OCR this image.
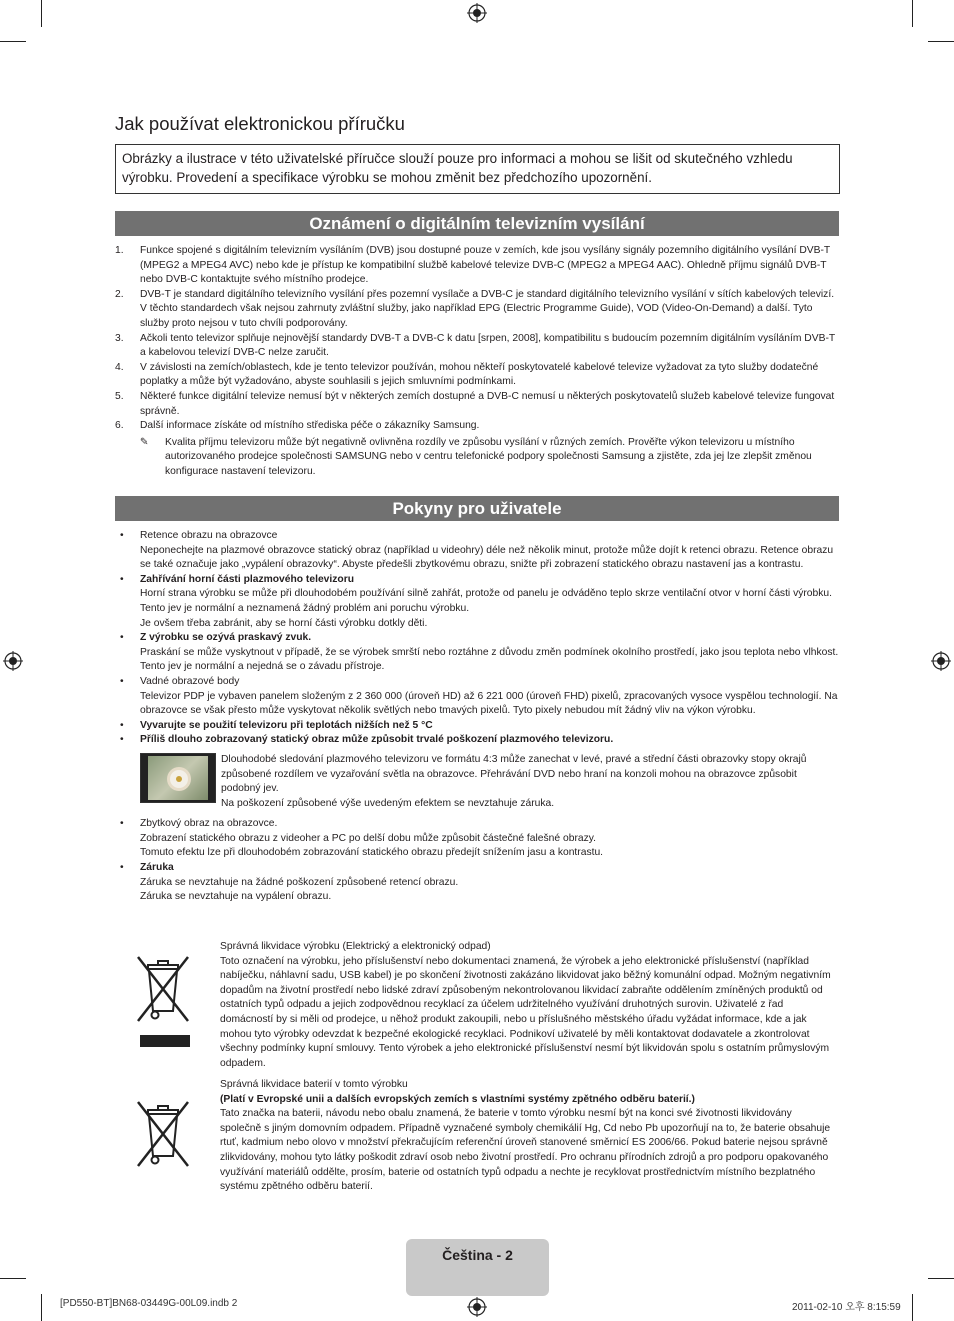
Jak používat elektronickou příručku
Obrázky a ilustrace v této uživatelské příručce slouží pouze pro informaci a mohou se lišit od skutečného vzhledu výrobku. Provedení a specifikace výrobku se mohou změnit bez předchozího upozornění.
Oznámení o digitálním televizním vysílání
1.	Funkce spojené s digitálním televizním vysíláním (DVB) jsou dostupné pouze v zemích, kde jsou vysílány signály pozemního digitálního vysílání DVB-T (MPEG2 a MPEG4 AVC) nebo kde je přístup ke kompatibilní službě kabelové televize DVB-C (MPEG2 a MPEG4 AAC). Ohledně příjmu signálů DVB-T nebo DVB-C kontaktujte svého místního prodejce.
2.	DVB-T je standard digitálního televizního vysílání přes pozemní vysílače a DVB-C je standard digitálního televizního vysílání v sítích kabelových televizí. V těchto standardech však nejsou zahrnuty zvláštní služby, jako například EPG (Electric Programme Guide), VOD (Video-On-Demand) a další. Tyto služby proto nejsou v tuto chvíli podporovány.
3.	Ačkoli tento televizor splňuje nejnovější standardy DVB-T a DVB-C k datu [srpen, 2008], kompatibilitu s budoucím pozemním digitálním vysíláním DVB-T a kabelovou televizí DVB-C nelze zaručit.
4.	V závislosti na zemích/oblastech, kde je tento televizor používán, mohou někteří poskytovatelé kabelové televize vyžadovat za tyto služby dodatečné poplatky a může být vyžadováno, abyste souhlasili s jejich smluvními podmínkami.
5.	Některé funkce digitální televize nemusí být v některých zemích dostupné a DVB-C nemusí u některých poskytovatelů služeb kabelové televize fungovat správně.
6.	Další informace získáte od místního střediska péče o zákazníky Samsung.
✎	Kvalita příjmu televizoru může být negativně ovlivněna rozdíly ve způsobu vysílání v různých zemích. Prověřte výkon televizoru u místního autorizovaného prodejce společnosti SAMSUNG nebo v centru telefonické podpory společnosti Samsung a zjistěte, zda jej lze zlepšit změnou konfigurace nastavení televizoru.
Pokyny pro uživatele
•	Retence obrazu na obrazovce
Neponechejte na plazmové obrazovce statický obraz (například u videohry) déle než několik minut, protože může dojít k retenci obrazu. Retence obrazu se také označuje jako „vypálení obrazovky“. Abyste předešli zbytkovému obrazu, snižte při zobrazení statického obrazu nastavení jas a kontrastu.
•	Zahřívání horní části plazmového televizoru
Horní strana výrobku se může při dlouhodobém používání silně zahřát, protože od panelu je odváděno teplo skrze ventilační otvor v horní části výrobku.
Tento jev je normální a neznamená žádný problém ani poruchu výrobku.
Je ovšem třeba zabránit, aby se horní části výrobku dotkly děti.
•	Z výrobku se ozývá praskavý zvuk.
Praskání se může vyskytnout v případě, že se výrobek smrští nebo roztáhne z důvodu změn podmínek okolního prostředí, jako jsou teplota nebo vlhkost. Tento jev je normální a nejedná se o závadu přístroje.
•	Vadné obrazové body
Televizor PDP je vybaven panelem složeným z 2 360 000 (úroveň HD) až 6 221 000 (úroveň FHD) pixelů, zpracovaných vysoce vyspělou technologií. Na obrazovce se však přesto může vyskytovat několik světlých nebo tmavých pixelů. Tyto pixely nebudou mít žádný vliv na výkon výrobku.
•	Vyvarujte se použití televizoru při teplotách nižších než 5 °C
•	Příliš dlouho zobrazovaný statický obraz může způsobit trvalé poškození plazmového televizoru.
Dlouhodobé sledování plazmového televizoru ve formátu 4:3 může zanechat v levé, pravé a střední části obrazovky stopy okrajů způsobené rozdílem ve vyzařování světla na obrazovce. Přehrávání DVD nebo hraní na konzoli mohou na obrazovce způsobit podobný jev.
Na poškození způsobené výše uvedeným efektem se nevztahuje záruka.
•	Zbytkový obraz na obrazovce.
Zobrazení statického obrazu z videoher a PC po delší dobu může způsobit částečné falešné obrazy.
Tomuto efektu lze při dlouhodobém zobrazování statického obrazu předejít snížením jasu a kontrastu.
•	Záruka
Záruka se nevztahuje na žádné poškození způsobené retencí obrazu.
Záruka se nevztahuje na vypálení obrazu.
Správná likvidace výrobku (Elektrický a elektronický odpad)
Toto označení na výrobku, jeho příslušenství nebo dokumentaci znamená, že výrobek a jeho elektronické příslušenství (například nabíječku, náhlavní sadu, USB kabel) je po skončení životnosti zakázáno likvidovat jako běžný komunální odpad. Možným negativním dopadům na životní prostředí nebo lidské zdraví způsobeným nekontrolovanou likvidací zabraňte oddělením zmíněných produktů od ostatních typů odpadu a jejich zodpovědnou recyklací za účelem udržitelného využívání druhotných surovin. Uživatelé z řad domácností by si měli od prodejce, u něhož produkt zakoupili, nebo u příslušného městského úřadu vyžádat informace, kde a jak mohou tyto výrobky odevzdat k bezpečné ekologické recyklaci. Podnikoví uživatelé by měli kontaktovat dodavatele a zkontrolovat všechny podmínky kupní smlouvy. Tento výrobek a jeho elektronické příslušenství nesmí být likvidován spolu s ostatním průmyslovým odpadem.
Správná likvidace baterií v tomto výrobku
(Platí v Evropské unii a dalších evropských zemích s vlastními systémy zpětného odběru baterií.)
Tato značka na baterii, návodu nebo obalu znamená, že baterie v tomto výrobku nesmí být na konci své životnosti likvidovány společně s jiným domovním odpadem. Případně vyznačené symboly chemikálií Hg, Cd nebo Pb upozorňují na to, že baterie obsahuje rtuť, kadmium nebo olovo v množství překračujícím referenční úroveň stanovené směrnicí ES 2006/66. Pokud baterie nejsou správně zlikvidovány, mohou tyto látky poškodit zdraví osob nebo životní prostředí. Pro ochranu přírodních zdrojů a pro podporu opakovaného využívání materiálů oddělte, prosím, baterie od ostatních typů odpadu a nechte je recyklovat prostřednictvím místního bezplatného systému zpětného odběru baterií.
Čeština - 2
[PD550-BT]BN68-03449G-00L09.indb 2	2011-02-10 오후 8:15:59
